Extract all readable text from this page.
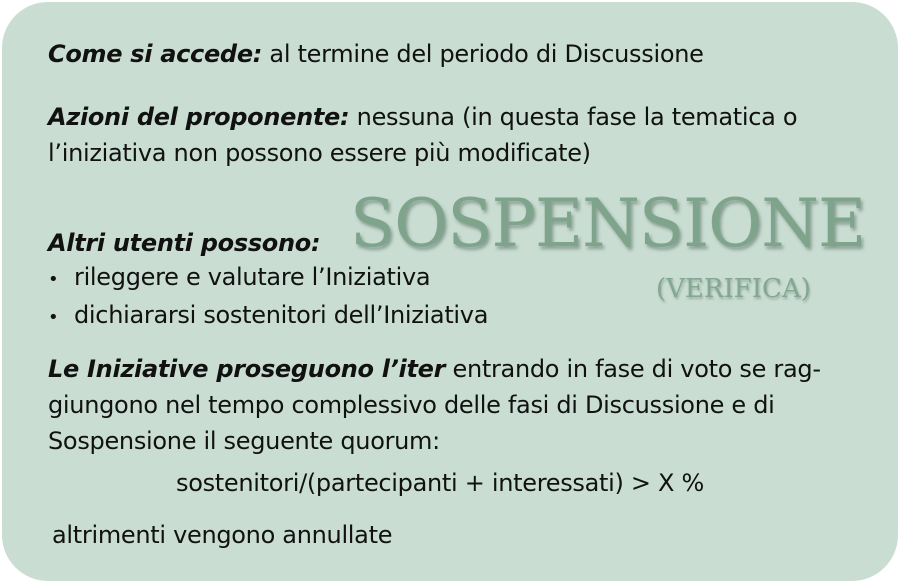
Come si accede: al termine del periodo di Discussione
Azioni del proponente: nessuna (in questa fase la tematica o
l’iniziativa non possono essere più modificate)
SOSPENSIONE
(VERIFICA)
Altri utenti possono:
• rileggere e valutare l’Iniziativa
• dichiararsi sostenitori dell’Iniziativa
Le Iniziative proseguono l’iter entrando in fase di voto se rag-
giungono nel tempo complessivo delle fasi di Discussione e di
Sospensione il seguente quorum:
sostenitori/(partecipanti + interessati) > X %
altrimenti vengono annullate
